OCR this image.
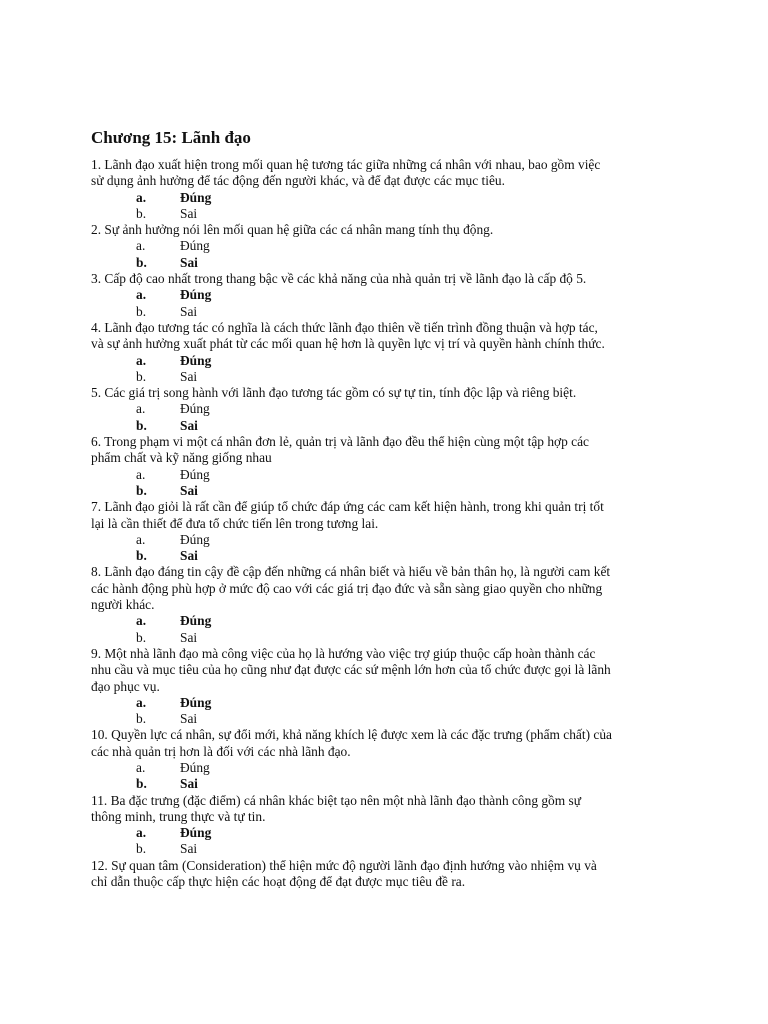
Chương 15: Lãnh đạo
1. Lãnh đạo xuất hiện trong mối quan hệ tương tác giữa những cá nhân với nhau, bao gồm việc
sử dụng ảnh hưởng để tác động đến người khác, và để đạt được các mục tiêu.
a.	Đúng
b.	Sai
2. Sự ảnh hưởng nói lên mối quan hệ giữa các cá nhân mang tính thụ động.
a.	Đúng
b.	Sai
3. Cấp độ cao nhất trong thang bậc về các khả năng của nhà quản trị về lãnh đạo là cấp độ 5.
a.	Đúng
b.	Sai
4. Lãnh đạo tương tác có nghĩa là cách thức lãnh đạo thiên về tiến trình đồng thuận và hợp tác,
và sự ảnh hưởng xuất phát từ các mối quan hệ hơn là quyền lực vị trí và quyền hành chính thức.
a.	Đúng
b.	Sai
5. Các giá trị song hành với lãnh đạo tương tác gồm có sự tự tin, tính độc lập và riêng biệt.
a.	Đúng
b.	Sai
6. Trong phạm vi một cá nhân đơn lẻ, quản trị và lãnh đạo đều thể hiện cùng một tập hợp các
phẩm chất và kỹ năng giống nhau
a.	Đúng
b.	Sai
7. Lãnh đạo giỏi là rất cần để giúp tổ chức đáp ứng các cam kết hiện hành, trong khi quản trị tốt
lại là cần thiết để đưa tổ chức tiến lên trong tương lai.
a.	Đúng
b.	Sai
8. Lãnh đạo đáng tin cậy đề cập đến những cá nhân biết và hiểu về bản thân họ, là người cam kết
các hành động phù hợp ở mức độ cao với các giá trị đạo đức và sẵn sàng giao quyền cho những
người khác.
a.	Đúng
b.	Sai
9. Một nhà lãnh đạo mà công việc của họ là hướng vào việc trợ giúp thuộc cấp hoàn thành các
nhu cầu và mục tiêu của họ cũng như đạt được các sứ mệnh lớn hơn của tổ chức được gọi là lãnh
đạo phục vụ.
a.	Đúng
b.	Sai
10. Quyền lực cá nhân, sự đổi mới, khả năng khích lệ được xem là các đặc trưng (phẩm chất) của
các nhà quản trị hơn là đối với các nhà lãnh đạo.
a.	Đúng
b.	Sai
11. Ba đặc trưng (đặc điểm) cá nhân khác biệt tạo nên một nhà lãnh đạo thành công gồm sự
thông minh, trung thực và tự tin.
a.	Đúng
b.	Sai
12. Sự quan tâm (Consideration) thể hiện mức độ người lãnh đạo định hướng vào nhiệm vụ và
chỉ dẫn thuộc cấp thực hiện các hoạt động để đạt được mục tiêu đề ra.
